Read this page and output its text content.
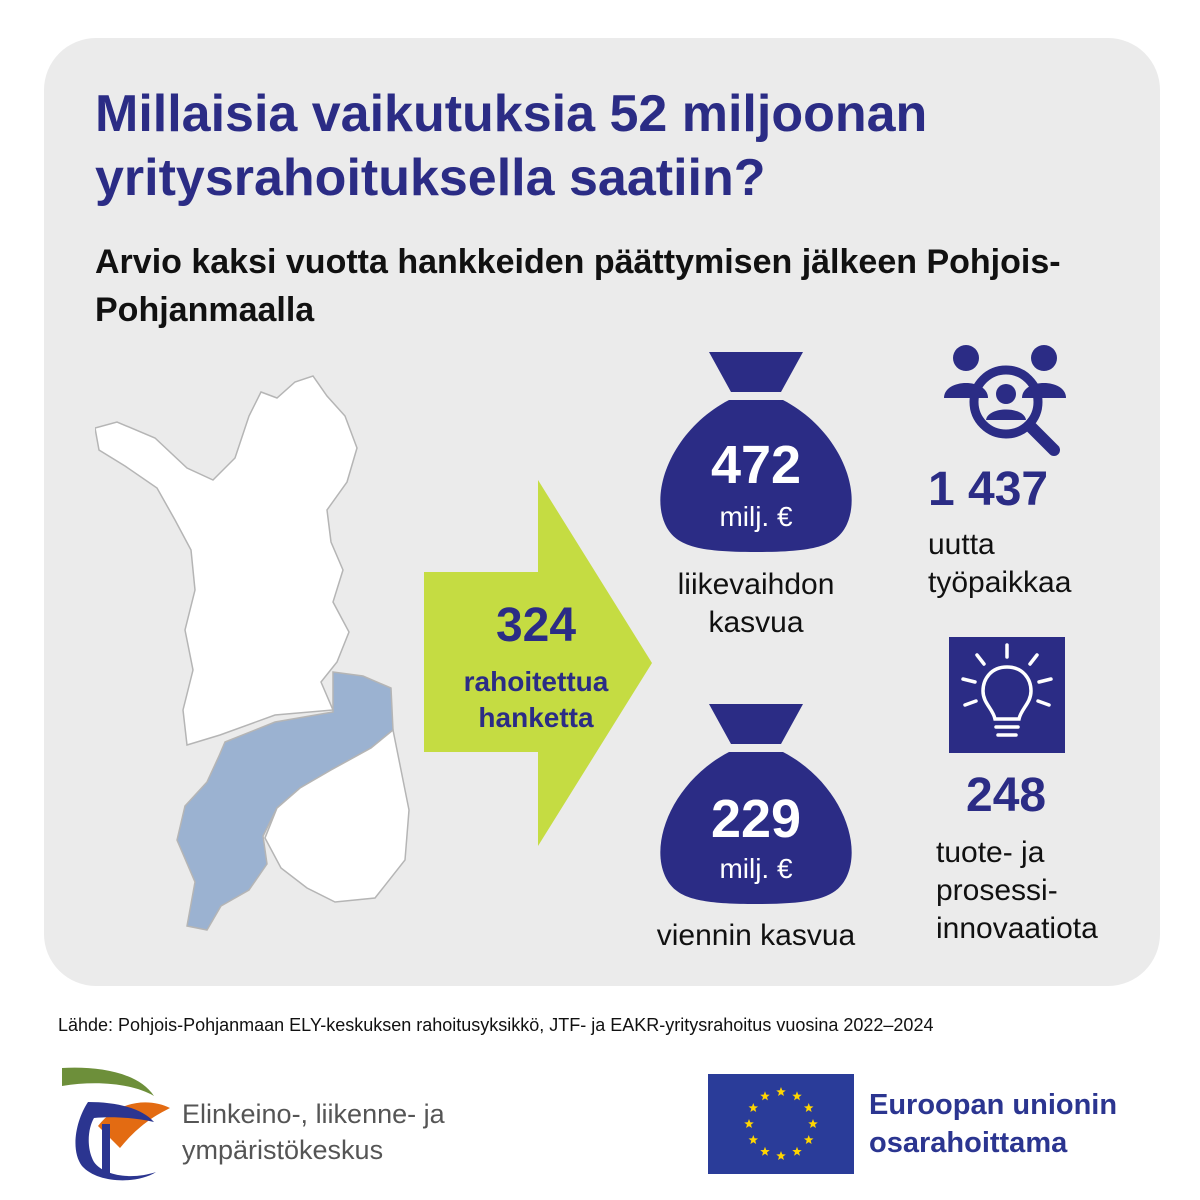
Millaisia vaikutuksia 52 miljoonan yritysrahoituksella saatiin?
Arvio kaksi vuotta hankkeiden päättymisen jälkeen Pohjois-Pohjanmaalla
324
rahoitettua
hanketta
472
milj. €
liikevaihdon
kasvua
229
milj. €
viennin kasvua
1 437
uutta
työpaikkaa
248
tuote- ja
prosessi-
innovaatiota
Lähde: Pohjois-Pohjanmaan ELY-keskuksen rahoitusyksikkö, JTF- ja EAKR-yritysrahoitus vuosina 2022–2024
Elinkeino-, liikenne- ja
ympäristökeskus
Euroopan unionin
osarahoittama
